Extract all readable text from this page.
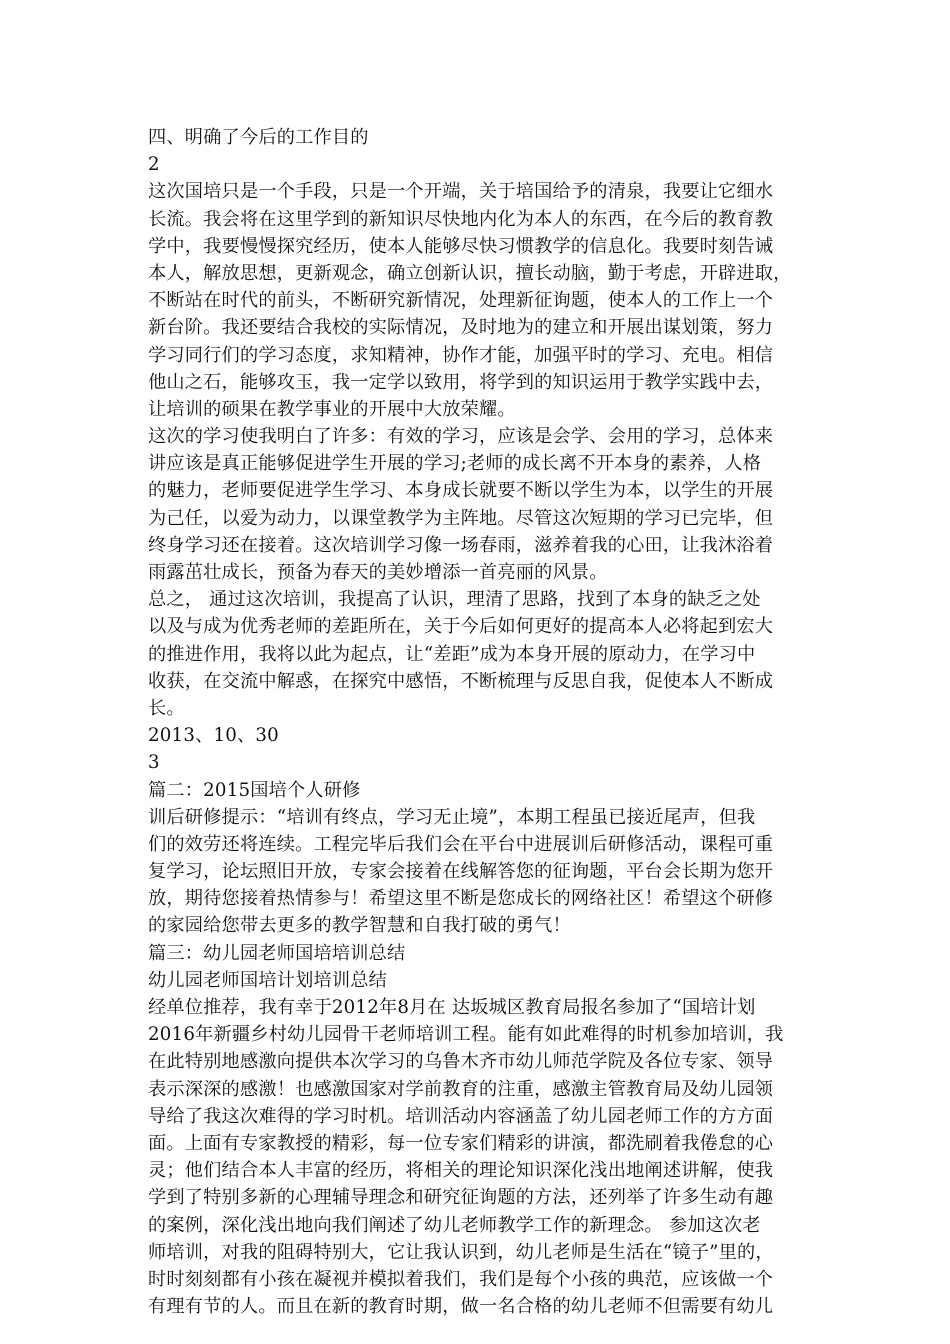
四、明确了今后的工作目的
2
这次国培只是一个手段，只是一个开端，关于培国给予的清泉，我要让它细水
长流。我会将在这里学到的新知识尽快地内化为本人的东西，在今后的教育教
学中，我要慢慢探究经历，使本人能够尽快习惯教学的信息化。我要时刻告诫
本人，解放思想，更新观念，确立创新认识，擅长动脑，勤于考虑，开辟进取，
不断站在时代的前头，不断研究新情况，处理新征询题，使本人的工作上一个
新台阶。我还要结合我校的实际情况，及时地为的建立和开展出谋划策，努力
学习同行们的学习态度，求知精神，协作才能，加强平时的学习、充电。相信
他山之石，能够攻玉，我一定学以致用，将学到的知识运用于教学实践中去，
让培训的硕果在教学事业的开展中大放荣耀。
这次的学习使我明白了许多：有效的学习，应该是会学、会用的学习，总体来
讲应该是真正能够促进学生开展的学习;老师的成长离不开本身的素养，人格
的魅力，老师要促进学生学习、本身成长就要不断以学生为本，以学生的开展
为己任，以爱为动力，以课堂教学为主阵地。尽管这次短期的学习已完毕，但
终身学习还在接着。这次培训学习像一场春雨，滋养着我的心田，让我沐浴着
雨露茁壮成长，预备为春天的美妙增添一首亮丽的风景。
总之， 通过这次培训，我提高了认识，理清了思路，找到了本身的缺乏之处
以及与成为优秀老师的差距所在，关于今后如何更好的提高本人必将起到宏大
的推进作用，我将以此为起点，让“差距”成为本身开展的原动力，在学习中
收获，在交流中解惑，在探究中感悟，不断梳理与反思自我，促使本人不断成
长。
2013、10、30
3
篇二：2015国培个人研修
训后研修提示：“培训有终点，学习无止境”，本期工程虽已接近尾声，但我
们的效劳还将连续。工程完毕后我们会在平台中进展训后研修活动，课程可重
复学习，论坛照旧开放，专家会接着在线解答您的征询题，平台会长期为您开
放，期待您接着热情参与！希望这里不断是您成长的网络社区！希望这个研修
的家园给您带去更多的教学智慧和自我打破的勇气！
篇三：幼儿园老师国培培训总结
幼儿园老师国培计划培训总结
经单位推荐，我有幸于2012年8月在 达坂城区教育局报名参加了“国培计划
2016年新疆乡村幼儿园骨干老师培训工程。能有如此难得的时机参加培训，我
在此特别地感激向提供本次学习的乌鲁木齐市幼儿师范学院及各位专家、领导
表示深深的感激！也感激国家对学前教育的注重，感激主管教育局及幼儿园领
导给了我这次难得的学习时机。培训活动内容涵盖了幼儿园老师工作的方方面
面。上面有专家教授的精彩，每一位专家们精彩的讲演，都洗刷着我倦怠的心
灵；他们结合本人丰富的经历，将相关的理论知识深化浅出地阐述讲解，使我
学到了特别多新的心理辅导理念和研究征询题的方法，还列举了许多生动有趣
的案例，深化浅出地向我们阐述了幼儿老师教学工作的新理念。 参加这次老
师培训，对我的阻碍特别大，它让我认识到，幼儿老师是生活在“镜子”里的，
时时刻刻都有小孩在凝视并模拟着我们，我们是每个小孩的典范，应该做一个
有理有节的人。而且在新的教育时期，做一名合格的幼儿老师不但需要有幼儿
